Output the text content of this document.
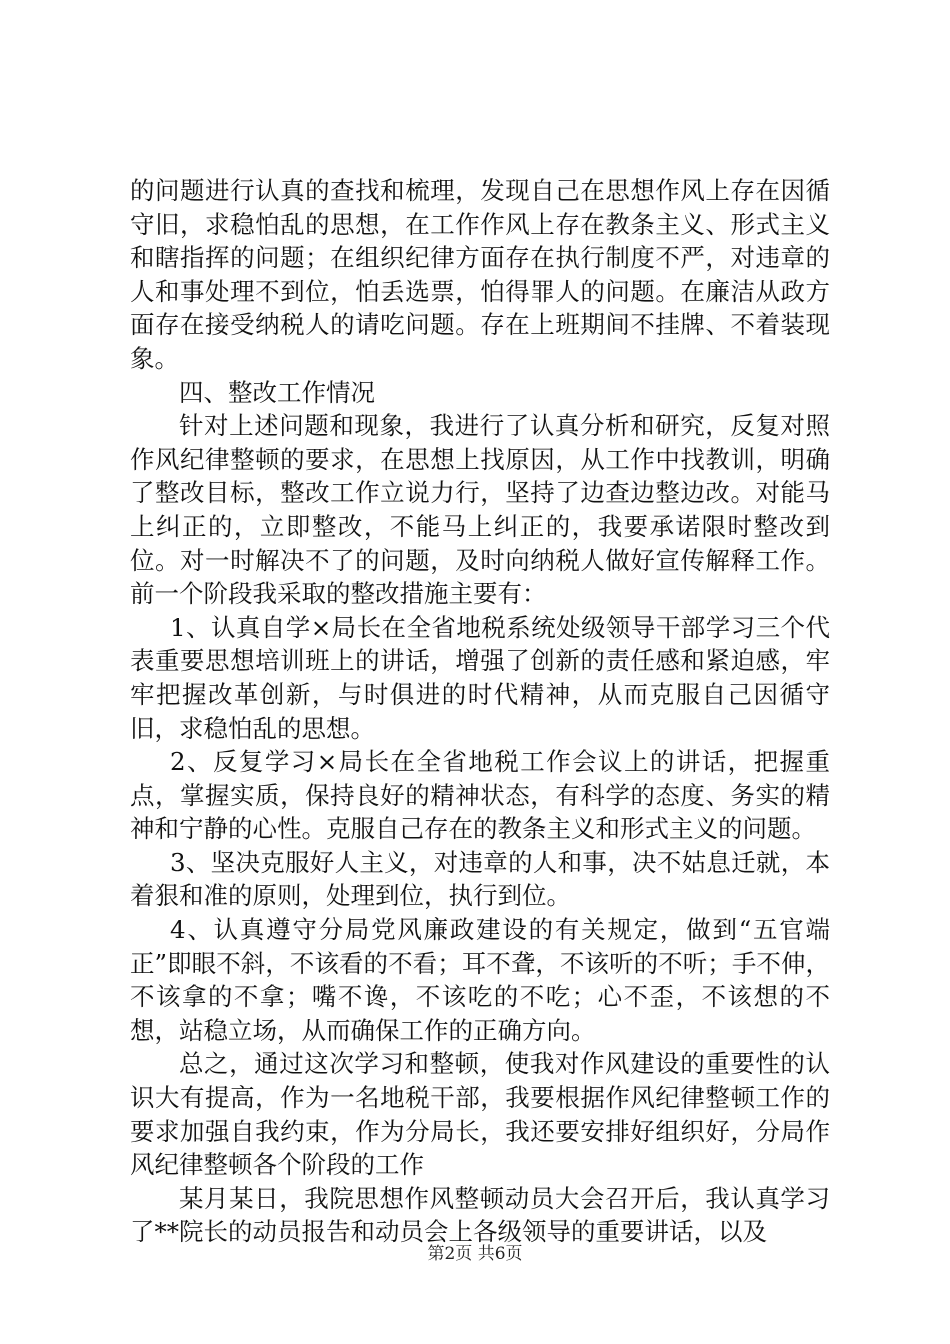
的问题进行认真的查找和梳理，发现自己在思想作风上存在因循守旧，求稳怕乱的思想，在工作作风上存在教条主义、形式主义和瞎指挥的问题；在组织纪律方面存在执行制度不严，对违章的人和事处理不到位，怕丢选票，怕得罪人的问题。在廉洁从政方面存在接受纳税人的请吃问题。存在上班期间不挂牌、不着装现象。

四、整改工作情况

针对上述问题和现象，我进行了认真分析和研究，反复对照作风纪律整顿的要求，在思想上找原因，从工作中找教训，明确了整改目标，整改工作立说力行，坚持了边查边整边改。对能马上纠正的，立即整改，不能马上纠正的，我要承诺限时整改到位。对一时解决不了的问题，及时向纳税人做好宣传解释工作。前一个阶段我采取的整改措施主要有：

1、认真自学×局长在全省地税系统处级领导干部学习三个代表重要思想培训班上的讲话，增强了创新的责任感和紧迫感，牢牢把握改革创新，与时俱进的时代精神，从而克服自己因循守旧，求稳怕乱的思想。

2、反复学习×局长在全省地税工作会议上的讲话，把握重点，掌握实质，保持良好的精神状态，有科学的态度、务实的精神和宁静的心性。克服自己存在的教条主义和形式主义的问题。

3、坚决克服好人主义，对违章的人和事，决不姑息迁就，本着狠和准的原则，处理到位，执行到位。

4、认真遵守分局党风廉政建设的有关规定，做到“五官端正”即眼不斜，不该看的不看；耳不聋，不该听的不听；手不伸，不该拿的不拿；嘴不谗，不该吃的不吃；心不歪，不该想的不想，站稳立场，从而确保工作的正确方向。

总之，通过这次学习和整顿，使我对作风建设的重要性的认识大有提高，作为一名地税干部，我要根据作风纪律整顿工作的要求加强自我约束，作为分局长，我还要安排好组织好，分局作风纪律整顿各个阶段的工作

某月某日，我院思想作风整顿动员大会召开后，我认真学习了**院长的动员报告和动员会上各级领导的重要讲话，以及

第2页 共6页
